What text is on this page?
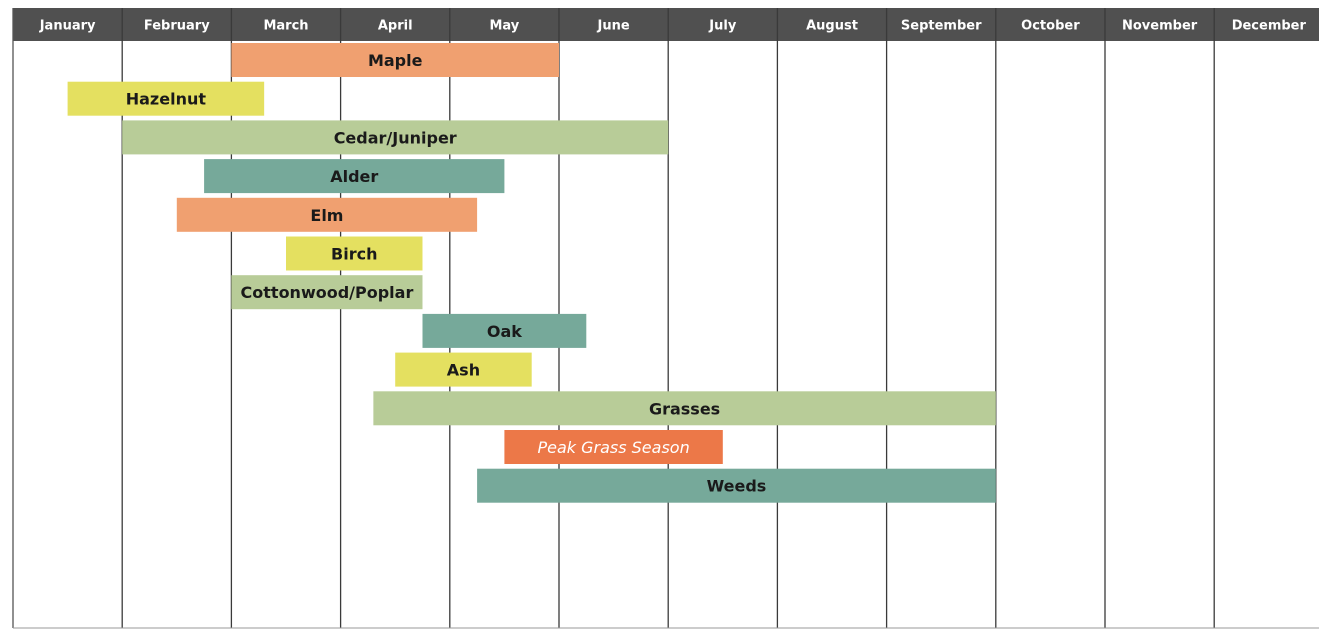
January	February	March	April	May	June	July	August	September	October	November	December
Maple
Hazelnut
Cedar/Juniper
Alder
Elm
Birch
Cottonwood/Poplar
Oak
Ash
Grasses
Peak Grass Season
Weeds
